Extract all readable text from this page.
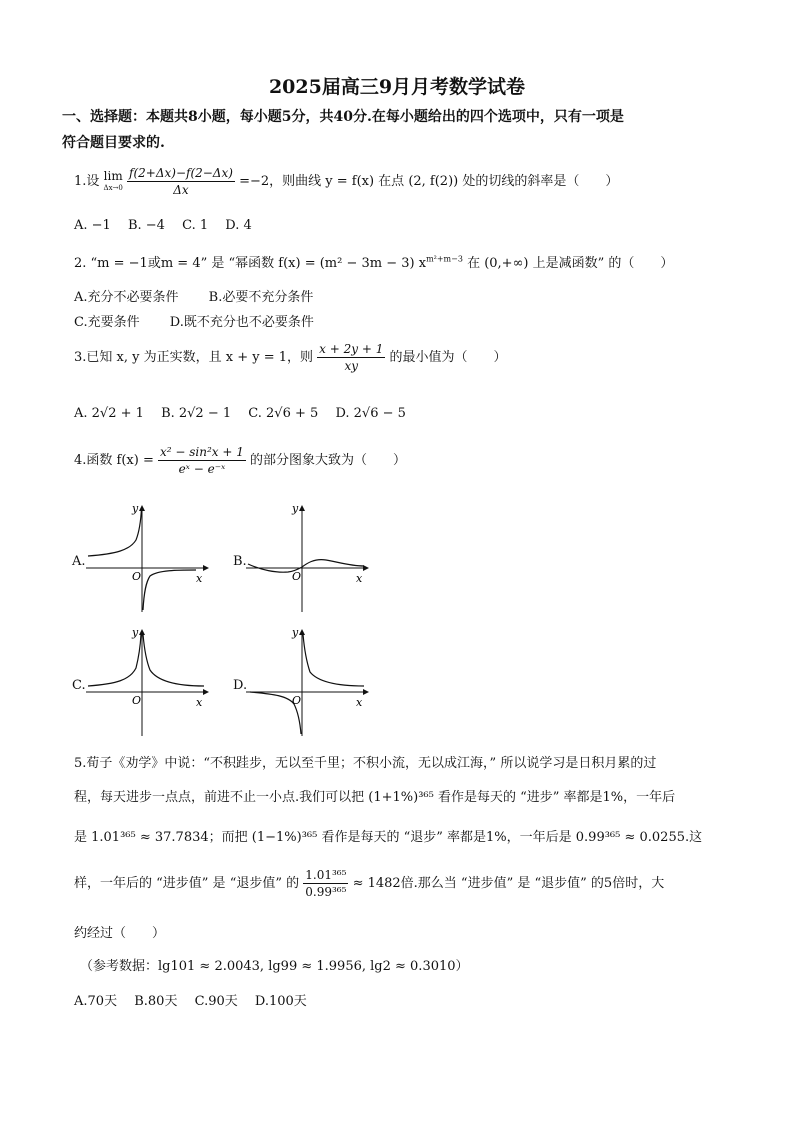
2025届高三9月月考数学试卷
一、选择题：本题共8小题，每小题5分，共40分.在每小题给出的四个选项中，只有一项是
符合题目要求的.
1.设 lim
Δx→0
$\frac{f(2+\Delta x)-f(2-\Delta x)}{\Delta x} =-2$，则曲线 y = f(x) 在点 (2, f(2)) 处的切线的斜率是（　　）
A. −1  B. −4  C. 1  D. 4
2. “m = −1或m = 4” 是 “幂函数 f(x) = (m² − 3m − 3) $x^{m^2+m-3}$ 在 (0,+∞) 上是减函数” 的（　　）
A.充分不必要条件   B.必要不充分条件
C.充要条件   D.既不充分也不必要条件
3.已知 x, y 为正实数，且 x + y = 1，则 $\frac{x + 2y + 1}{xy}$ 的最小值为（　　）
A. 2√2 + 1  B. 2√2 − 1  C. 2√6 + 5  D. 2√6 − 5
4.函数 $f(x) = \frac{\text{x² − sin²x + 1}}{\text{eˣ − e⁻ˣ}}$ 的部分图象大致为（　　）
A.	B.
C.	D.
O	x
y
O	x
y
O	x
y
O	x
y
5.荀子《劝学》中说：“不积跬步，无以至千里；不积小流，无以成江海，” 所以说学习是日积月累的过
程，每天进步一点点，前进不止一小点.我们可以把 (1+1%)³⁶⁵ 看作是每天的 “进步” 率都是1%，一年后
是 1.01³⁶⁵ ≈ 37.7834；而把 (1−1%)³⁶⁵ 看作是每天的 “退步” 率都是1%，一年后是 0.99³⁶⁵ ≈ 0.0255.这
样，一年后的 “进步值” 是 “退步值” 的 $\frac{\text{1.01³⁶⁵}}{\text{0.99³⁶⁵}} \approx 1482$倍.那么当 “进步值” 是 “退步值” 的5倍时，大
约经过（　　）
（参考数据：lg101 ≈ 2.0043, lg99 ≈ 1.9956, lg2 ≈ 0.3010）
A.70天  B.80天  C.90天  D.100天
